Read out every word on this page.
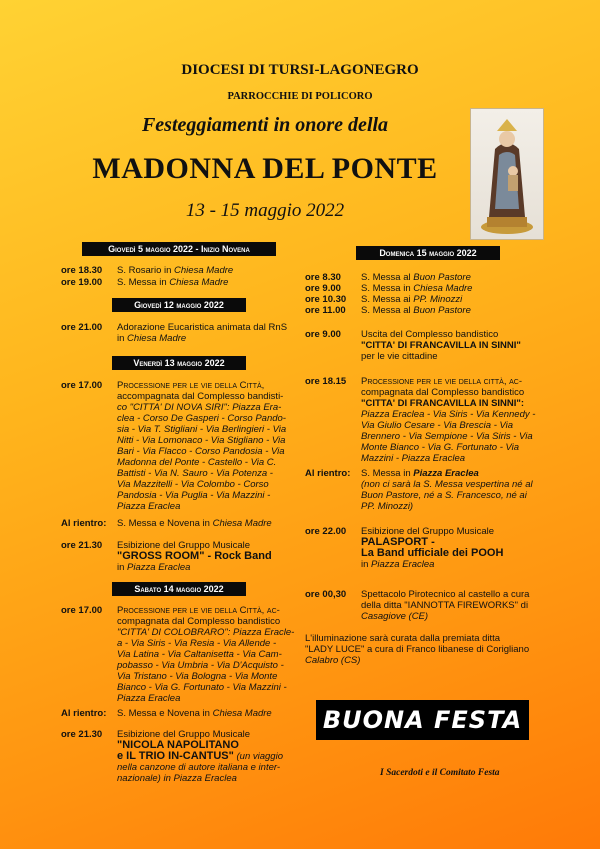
DIOCESI DI TURSI-LAGONEGRO
PARROCCHIE DI POLICORO
Festeggiamenti in onore della
MADONNA DEL PONTE
13 - 15 maggio 2022
Giovedì 5 maggio 2022 - Inizio Novena
ore 18.30 S. Rosario in Chiesa Madre
ore 19.00 S. Messa in Chiesa Madre
Giovedì 12 maggio 2022
ore 21.00 Adorazione Eucaristica animata dal RnS
in Chiesa Madre
Venerdì 13 maggio 2022
ore 17.00 Processione per le vie della Città,
accompagnata dal Complesso bandisti-
co "CITTA' DI NOVA SIRI": Piazza Era-
clea - Corso De Gasperi - Corso Pando-
sia - Via T. Stigliani - Via Berlingieri - Via
Nitti - Via Lomonaco - Via Stigliano - Via
Bari - Via Flacco - Corso Pandosia - Via
Madonna del Ponte - Castello - Via C.
Battisti - Via N. Sauro - Via Potenza -
Via Mazzitelli - Via Colombo - Corso
Pandosia - Via Puglia - Via Mazzini -
Piazza Eraclea
Al rientro: S. Messa e Novena in Chiesa Madre
ore 21.30 Esibizione del Gruppo Musicale
"GROSS ROOM" - Rock Band
in Piazza Eraclea
Sabato 14 maggio 2022
ore 17.00 Processione per le vie della Città, ac-
compagnata dal Complesso bandistico
"CITTA' DI COLOBRARO": Piazza Eracle-
a - Via Siris - Via Resia - Via Allende -
Via Latina - Via Caltanisetta - Via Cam-
pobasso - Via Umbria - Via D'Acquisto -
Via Tristano - Via Bologna - Via Monte
Bianco - Via G. Fortunato - Via Mazzini -
Piazza Eraclea
Al rientro: S. Messa e Novena in Chiesa Madre
ore 21.30 Esibizione del Gruppo Musicale
"NICOLA NAPOLITANO
e IL TRIO IN-CANTUS" (un viaggio
nella canzone di autore italiana e inter-
nazionale) in Piazza Eraclea
Domenica 15 maggio 2022
ore 8.30 S. Messa al Buon Pastore
ore 9.00 S. Messa in Chiesa Madre
ore 10.30 S. Messa ai PP. Minozzi
ore 11.00 S. Messa al Buon Pastore
ore 9.00 Uscita del Complesso bandistico
"CITTA' DI FRANCAVILLA IN SINNI"
per le vie cittadine
ore 18.15 Processione per le vie della città, ac-
compagnata dal Complesso bandistico
"CITTA' DI FRANCAVILLA IN SINNI":
Piazza Eraclea - Via Siris - Via Kennedy -
Via Giulio Cesare - Via Brescia - Via
Brennero - Via Sempione - Via Siris - Via
Monte Bianco - Via G. Fortunato - Via
Mazzini - Piazza Eraclea
Al rientro: S. Messa in Piazza Eraclea
(non ci sarà la S. Messa vespertina né al
Buon Pastore, né a S. Francesco, né ai
PP. Minozzi)
ore 22.00 Esibizione del Gruppo Musicale
PALASPORT -
La Band ufficiale dei POOH
in Piazza Eraclea
ore 00,30 Spettacolo Pirotecnico al castello a cura
della ditta "IANNOTTA FIREWORKS" di
Casagiove (CE)
L'illuminazione sarà curata dalla premiata ditta
"LADY LUCE" a cura di Franco libanese di Corigliano
Calabro (CS)
BUONA FESTA
I Sacerdoti e il Comitato Festa
